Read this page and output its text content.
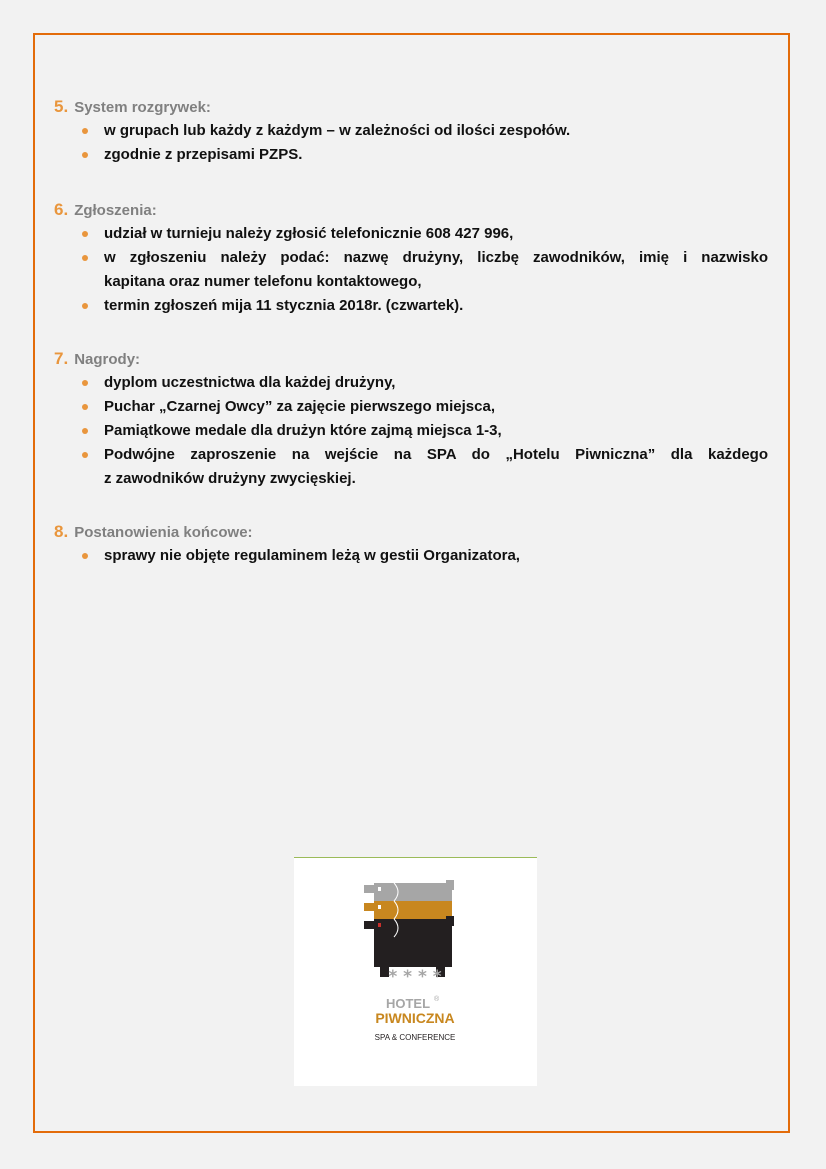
5. System rozgrywek:
w grupach lub każdy z każdym – w zależności od ilości zespołów.
zgodnie z przepisami PZPS.
6. Zgłoszenia:
udział w turnieju należy zgłosić telefonicznie 608 427 996,
w zgłoszeniu należy podać: nazwę drużyny, liczbę zawodników, imię i nazwisko
kapitana oraz numer telefonu kontaktowego,
termin zgłoszeń mija 11 stycznia 2018r. (czwartek).
7. Nagrody:
dyplom uczestnictwa dla każdej drużyny,
Puchar „Czarnej Owcy” za zajęcie pierwszego miejsca,
Pamiątkowe medale dla drużyn które zajmą miejsca 1-3,
Podwójne zaproszenie na wejście na SPA do „Hotelu Piwniczna” dla każdego
z zawodników drużyny zwycięskiej.
8. Postanowienia końcowe:
sprawy nie objęte regulaminem leżą w gestii Organizatora,
* * * *
HOTEL ®
PIWNICZNA
SPA & CONFERENCE
